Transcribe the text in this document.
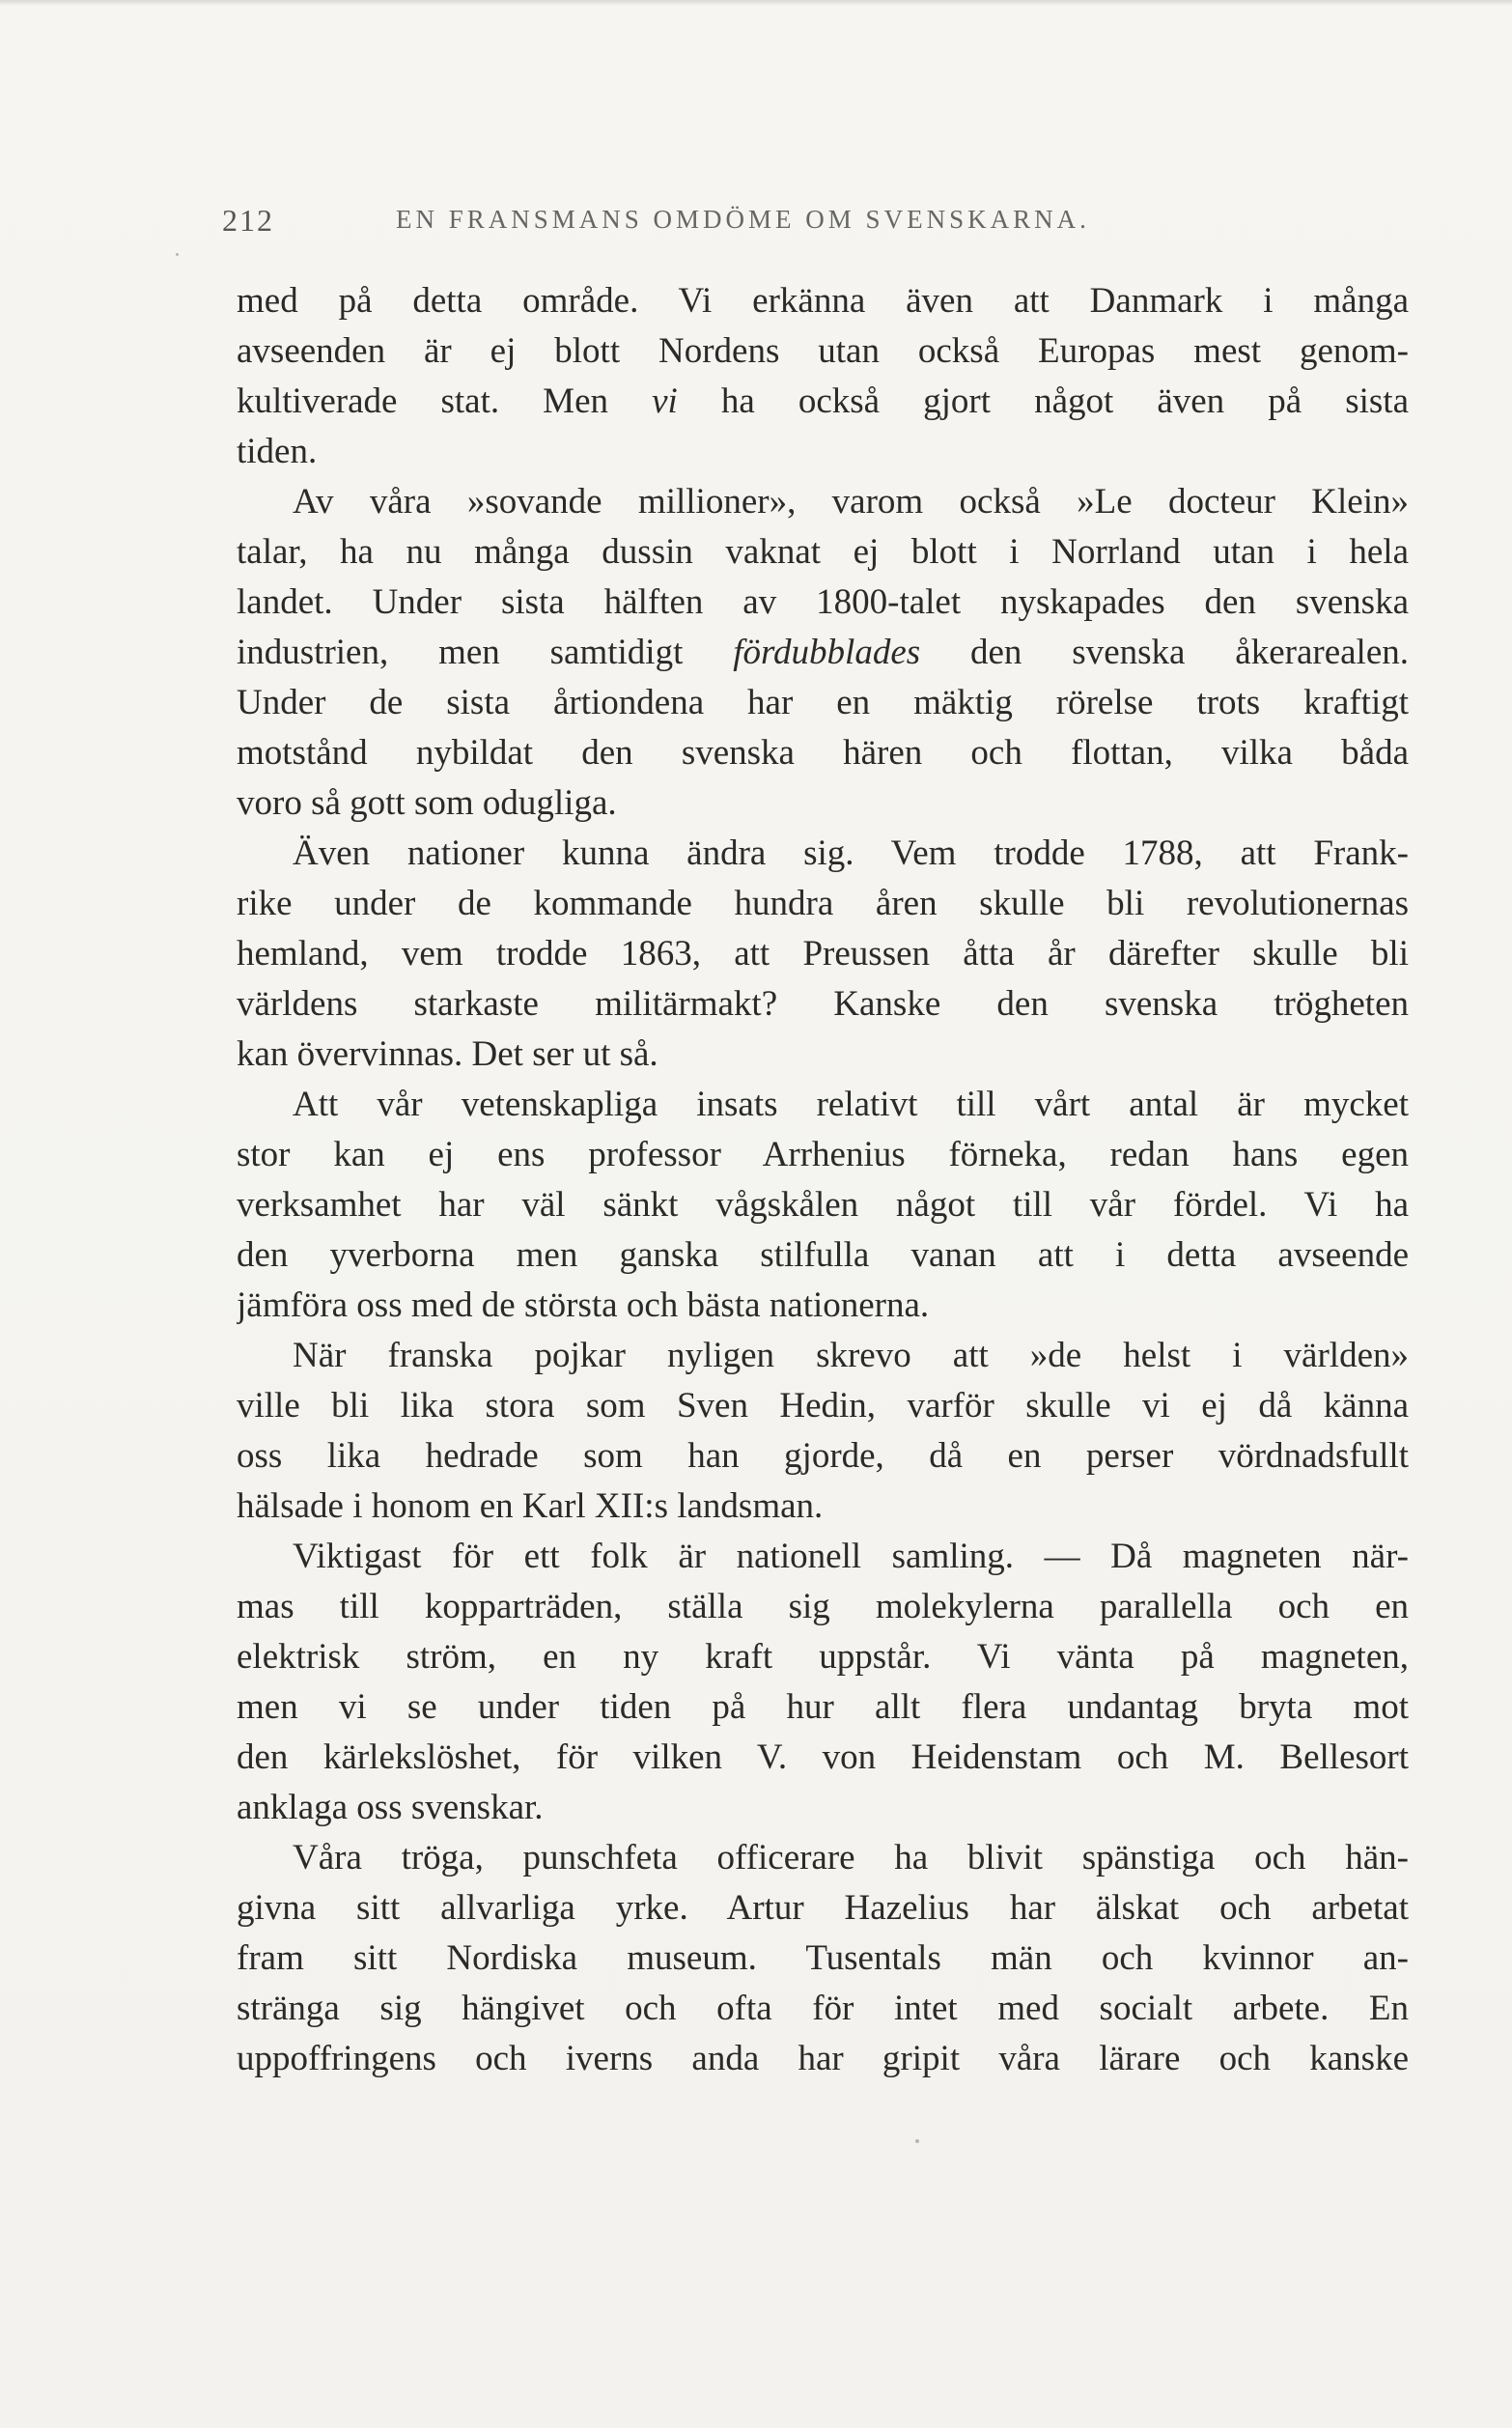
212	EN FRANSMANS OMDÖME OM SVENSKARNA.
med på detta område. Vi erkänna även att Danmark i många
avseenden är ej blott Nordens utan också Europas mest genom-
kultiverade stat. Men vi ha också gjort något även på sista
tiden.
Av våra »sovande millioner», varom också »Le docteur Klein»
talar, ha nu många dussin vaknat ej blott i Norrland utan i hela
landet. Under sista hälften av 1800-talet nyskapades den svenska
industrien, men samtidigt fördubblades den svenska åkerarealen.
Under de sista årtiondena har en mäktig rörelse trots kraftigt
motstånd nybildat den svenska hären och flottan, vilka båda
voro så gott som odugliga.
Även nationer kunna ändra sig. Vem trodde 1788, att Frank-
rike under de kommande hundra åren skulle bli revolutionernas
hemland, vem trodde 1863, att Preussen åtta år därefter skulle bli
världens starkaste militärmakt? Kanske den svenska trögheten
kan övervinnas. Det ser ut så.
Att vår vetenskapliga insats relativt till vårt antal är mycket
stor kan ej ens professor Arrhenius förneka, redan hans egen
verksamhet har väl sänkt vågskålen något till vår fördel. Vi ha
den yverborna men ganska stilfulla vanan att i detta avseende
jämföra oss med de största och bästa nationerna.
När franska pojkar nyligen skrevo att »de helst i världen»
ville bli lika stora som Sven Hedin, varför skulle vi ej då känna
oss lika hedrade som han gjorde, då en perser vördnadsfullt
hälsade i honom en Karl XII:s landsman.
Viktigast för ett folk är nationell samling. — Då magneten när-
mas till kopparträden, ställa sig molekylerna parallella och en
elektrisk ström, en ny kraft uppstår. Vi vänta på magneten,
men vi se under tiden på hur allt flera undantag bryta mot
den kärlekslöshet, för vilken V. von Heidenstam och M. Bellesort
anklaga oss svenskar.
Våra tröga, punschfeta officerare ha blivit spänstiga och hän-
givna sitt allvarliga yrke. Artur Hazelius har älskat och arbetat
fram sitt Nordiska museum. Tusentals män och kvinnor an-
stränga sig hängivet och ofta för intet med socialt arbete. En
uppoffringens och iverns anda har gripit våra lärare och kanske
